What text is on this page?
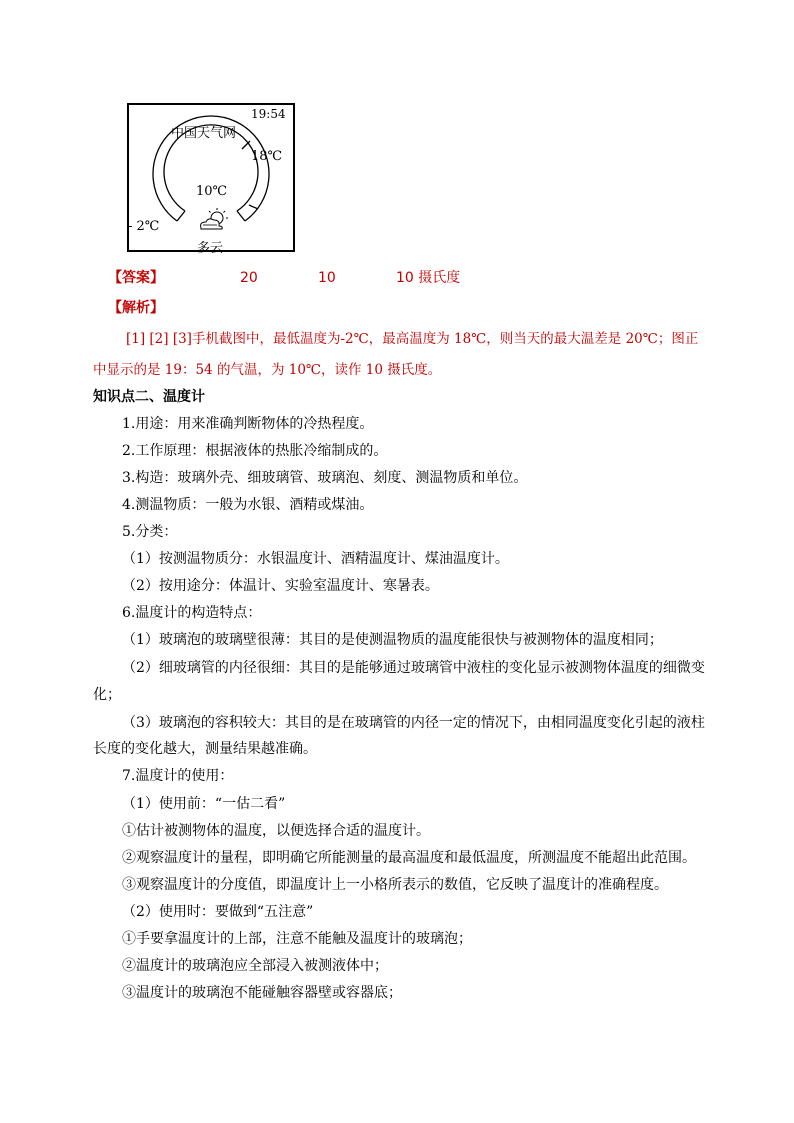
19:54
中国天气网
18℃
10℃
- 2℃
多云
【答案】	20	10	10 摄氏度
【解析】
[1] [2] [3]手机截图中，最低温度为-2℃，最高温度为 18℃，则当天的最大温差是 20℃；图正
中显示的是 19：54 的气温，为 10℃，读作 10 摄氏度。
知识点二、温度计
1.用途：用来准确判断物体的冷热程度。
2.工作原理：根据液体的热胀冷缩制成的。
3.构造：玻璃外壳、细玻璃管、玻璃泡、刻度、测温物质和单位。
4.测温物质：一般为水银、酒精或煤油。
5.分类：
（1）按测温物质分：水银温度计、酒精温度计、煤油温度计。
（2）按用途分：体温计、实验室温度计、寒暑表。
6.温度计的构造特点：
（1）玻璃泡的玻璃壁很薄：其目的是使测温物质的温度能很快与被测物体的温度相同；
（2）细玻璃管的内径很细：其目的是能够通过玻璃管中液柱的变化显示被测物体温度的细微变
化；
（3）玻璃泡的容积较大：其目的是在玻璃管的内径一定的情况下，由相同温度变化引起的液柱
长度的变化越大，测量结果越准确。
7.温度计的使用：
（1）使用前：“一估二看”
①估计被测物体的温度，以便选择合适的温度计。
②观察温度计的量程，即明确它所能测量的最高温度和最低温度，所测温度不能超出此范围。
③观察温度计的分度值，即温度计上一小格所表示的数值，它反映了温度计的准确程度。
（2）使用时：要做到“五注意”
①手要拿温度计的上部，注意不能触及温度计的玻璃泡；
②温度计的玻璃泡应全部浸入被测液体中；
③温度计的玻璃泡不能碰触容器壁或容器底；
